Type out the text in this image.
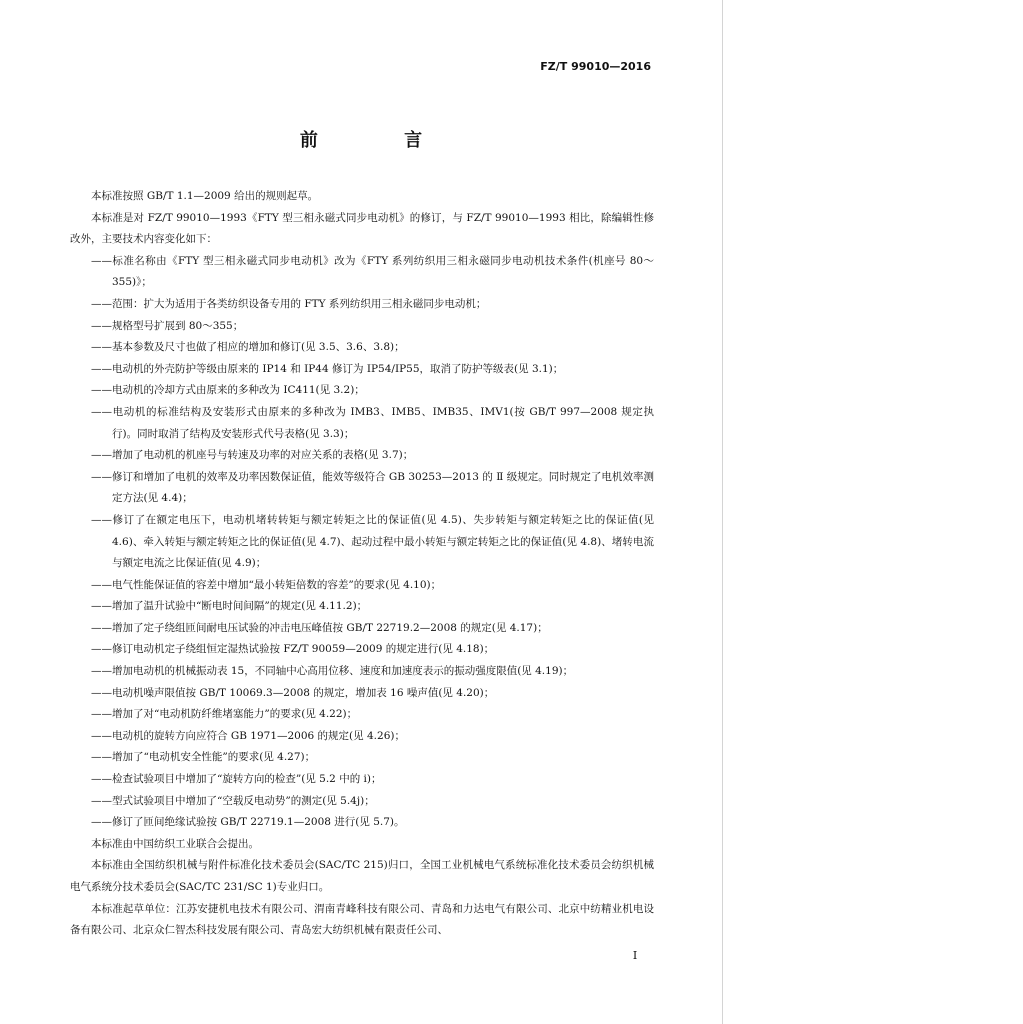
FZ/T 99010—2016
前 言

本标准按照 GB/T 1.1—2009 给出的规则起草。

本标准是对 FZ/T 99010—1993《FTY 型三相永磁式同步电动机》的修订，与 FZ/T 99010—1993 相比，除编辑性修改外，主要技术内容变化如下：

——标准名称由《FTY 型三相永磁式同步电动机》改为《FTY 系列纺织用三相永磁同步电动机技术条件(机座号 80～355)》；

——范围：扩大为适用于各类纺织设备专用的 FTY 系列纺织用三相永磁同步电动机；

——规格型号扩展到 80～355；

——基本参数及尺寸也做了相应的增加和修订(见 3.5、3.6、3.8)；

——电动机的外壳防护等级由原来的 IP14 和 IP44 修订为 IP54/IP55，取消了防护等级表(见 3.1)；

——电动机的冷却方式由原来的多种改为 IC411(见 3.2)；

——电动机的标准结构及安装形式由原来的多种改为 IMB3、IMB5、IMB35、IMV1(按 GB/T 997—2008 规定执行)。同时取消了结构及安装形式代号表格(见 3.3)；

——增加了电动机的机座号与转速及功率的对应关系的表格(见 3.7)；

——修订和增加了电机的效率及功率因数保证值，能效等级符合 GB 30253—2013 的 Ⅱ 级规定。同时规定了电机效率测定方法(见 4.4)；

——修订了在额定电压下，电动机堵转转矩与额定转矩之比的保证值(见 4.5)、失步转矩与额定转矩之比的保证值(见 4.6)、牵入转矩与额定转矩之比的保证值(见 4.7)、起动过程中最小转矩与额定转矩之比的保证值(见 4.8)、堵转电流与额定电流之比保证值(见 4.9)；

——电气性能保证值的容差中增加“最小转矩倍数的容差”的要求(见 4.10)；

——增加了温升试验中“断电时间间隔”的规定(见 4.11.2)；

——增加了定子绕组匝间耐电压试验的冲击电压峰值按 GB/T 22719.2—2008 的规定(见 4.17)；

——修订电动机定子绕组恒定湿热试验按 FZ/T 90059—2009 的规定进行(见 4.18)；

——增加电动机的机械振动表 15，不同轴中心高用位移、速度和加速度表示的振动强度限值(见 4.19)；

——电动机噪声限值按 GB/T 10069.3—2008 的规定，增加表 16 噪声值(见 4.20)；

——增加了对“电动机防纤维堵塞能力”的要求(见 4.22)；

——电动机的旋转方向应符合 GB 1971—2006 的规定(见 4.26)；

——增加了“电动机安全性能”的要求(见 4.27)；

——检查试验项目中增加了“旋转方向的检查”(见 5.2 中的 i)；

——型式试验项目中增加了“空载反电动势”的测定(见 5.4j)；

——修订了匝间绝缘试验按 GB/T 22719.1—2008 进行(见 5.7)。

本标准由中国纺织工业联合会提出。

本标准由全国纺织机械与附件标准化技术委员会(SAC/TC 215)归口，全国工业机械电气系统标准化技术委员会纺织机械电气系统分技术委员会(SAC/TC 231/SC 1)专业归口。

本标准起草单位：江苏安捷机电技术有限公司、渭南青峰科技有限公司、青岛和力达电气有限公司、北京中纺精业机电设备有限公司、北京众仁智杰科技发展有限公司、青岛宏大纺织机械有限责任公司、

I
